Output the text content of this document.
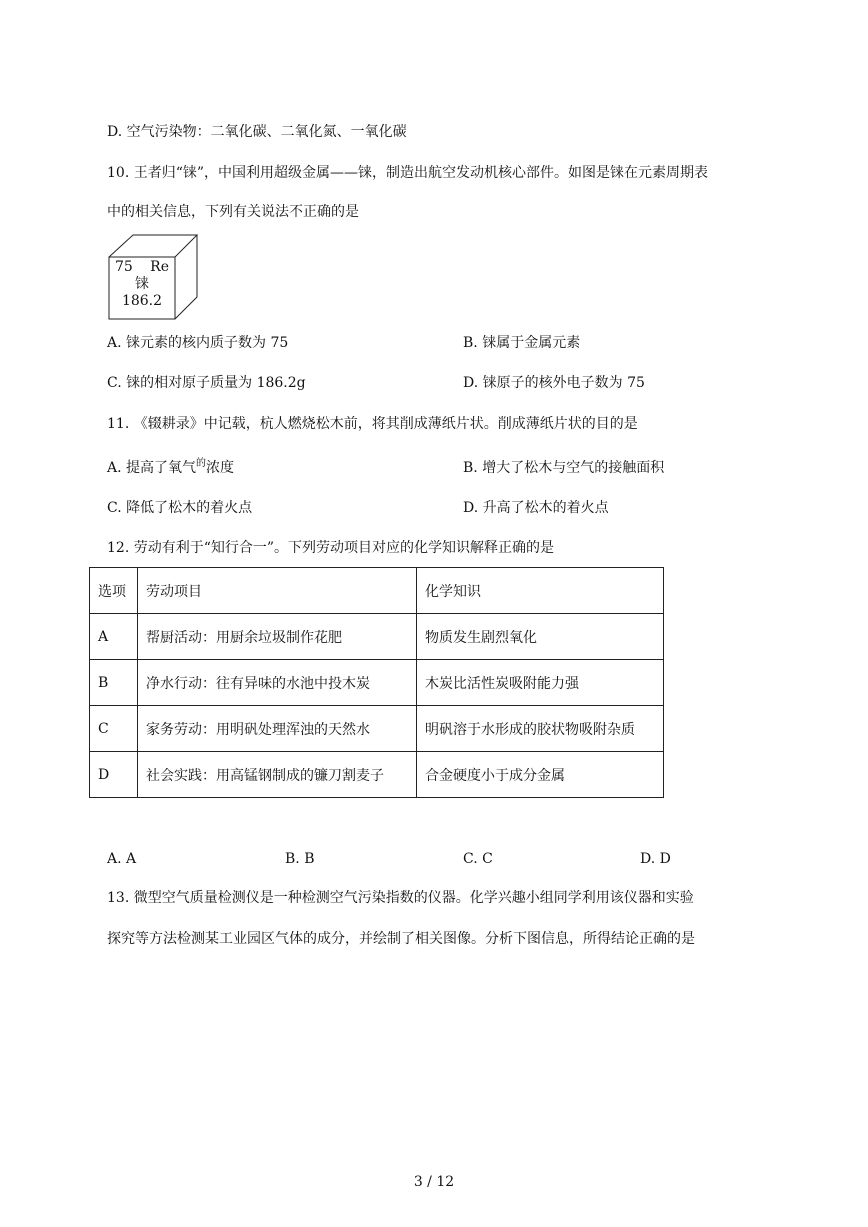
D. 空气污染物：二氧化碳、二氧化氮、一氧化碳
10. 王者归“铼”，中国利用超级金属——铼，制造出航空发动机核心部件。如图是铼在元素周期表
中的相关信息，下列有关说法不正确的是
75 Re
铼
186.2
A. 铼元素的核内质子数为 75	B. 铼属于金属元素
C. 铼的相对原子质量为 186.2g	D. 铼原子的核外电子数为 75
11. 《辍耕录》中记载，杭人燃烧松木前，将其削成薄纸片状。削成薄纸片状的目的是
A. 提高了氧气$^的$浓度	B. 增大了松木与空气的接触面积
C. 降低了松木的着火点	D. 升高了松木的着火点
12. 劳动有利于“知行合一”。下列劳动项目对应的化学知识解释正确的是
选项	劳动项目	化学知识
A	帮厨活动：用厨余垃圾制作花肥	物质发生剧烈氧化
B	净水行动：往有异味的水池中投木炭	木炭比活性炭吸附能力强
C	家务劳动：用明矾处理浑浊的天然水	明矾溶于水形成的胶状物吸附杂质
D	社会实践：用高锰钢制成的镰刀割麦子	合金硬度小于成分金属
A. A	B. B	C. C	D. D
13. 微型空气质量检测仪是一种检测空气污染指数的仪器。化学兴趣小组同学利用该仪器和实验
探究等方法检测某工业园区气体的成分，并绘制了相关图像。分析下图信息，所得结论正确的是
3 / 12
